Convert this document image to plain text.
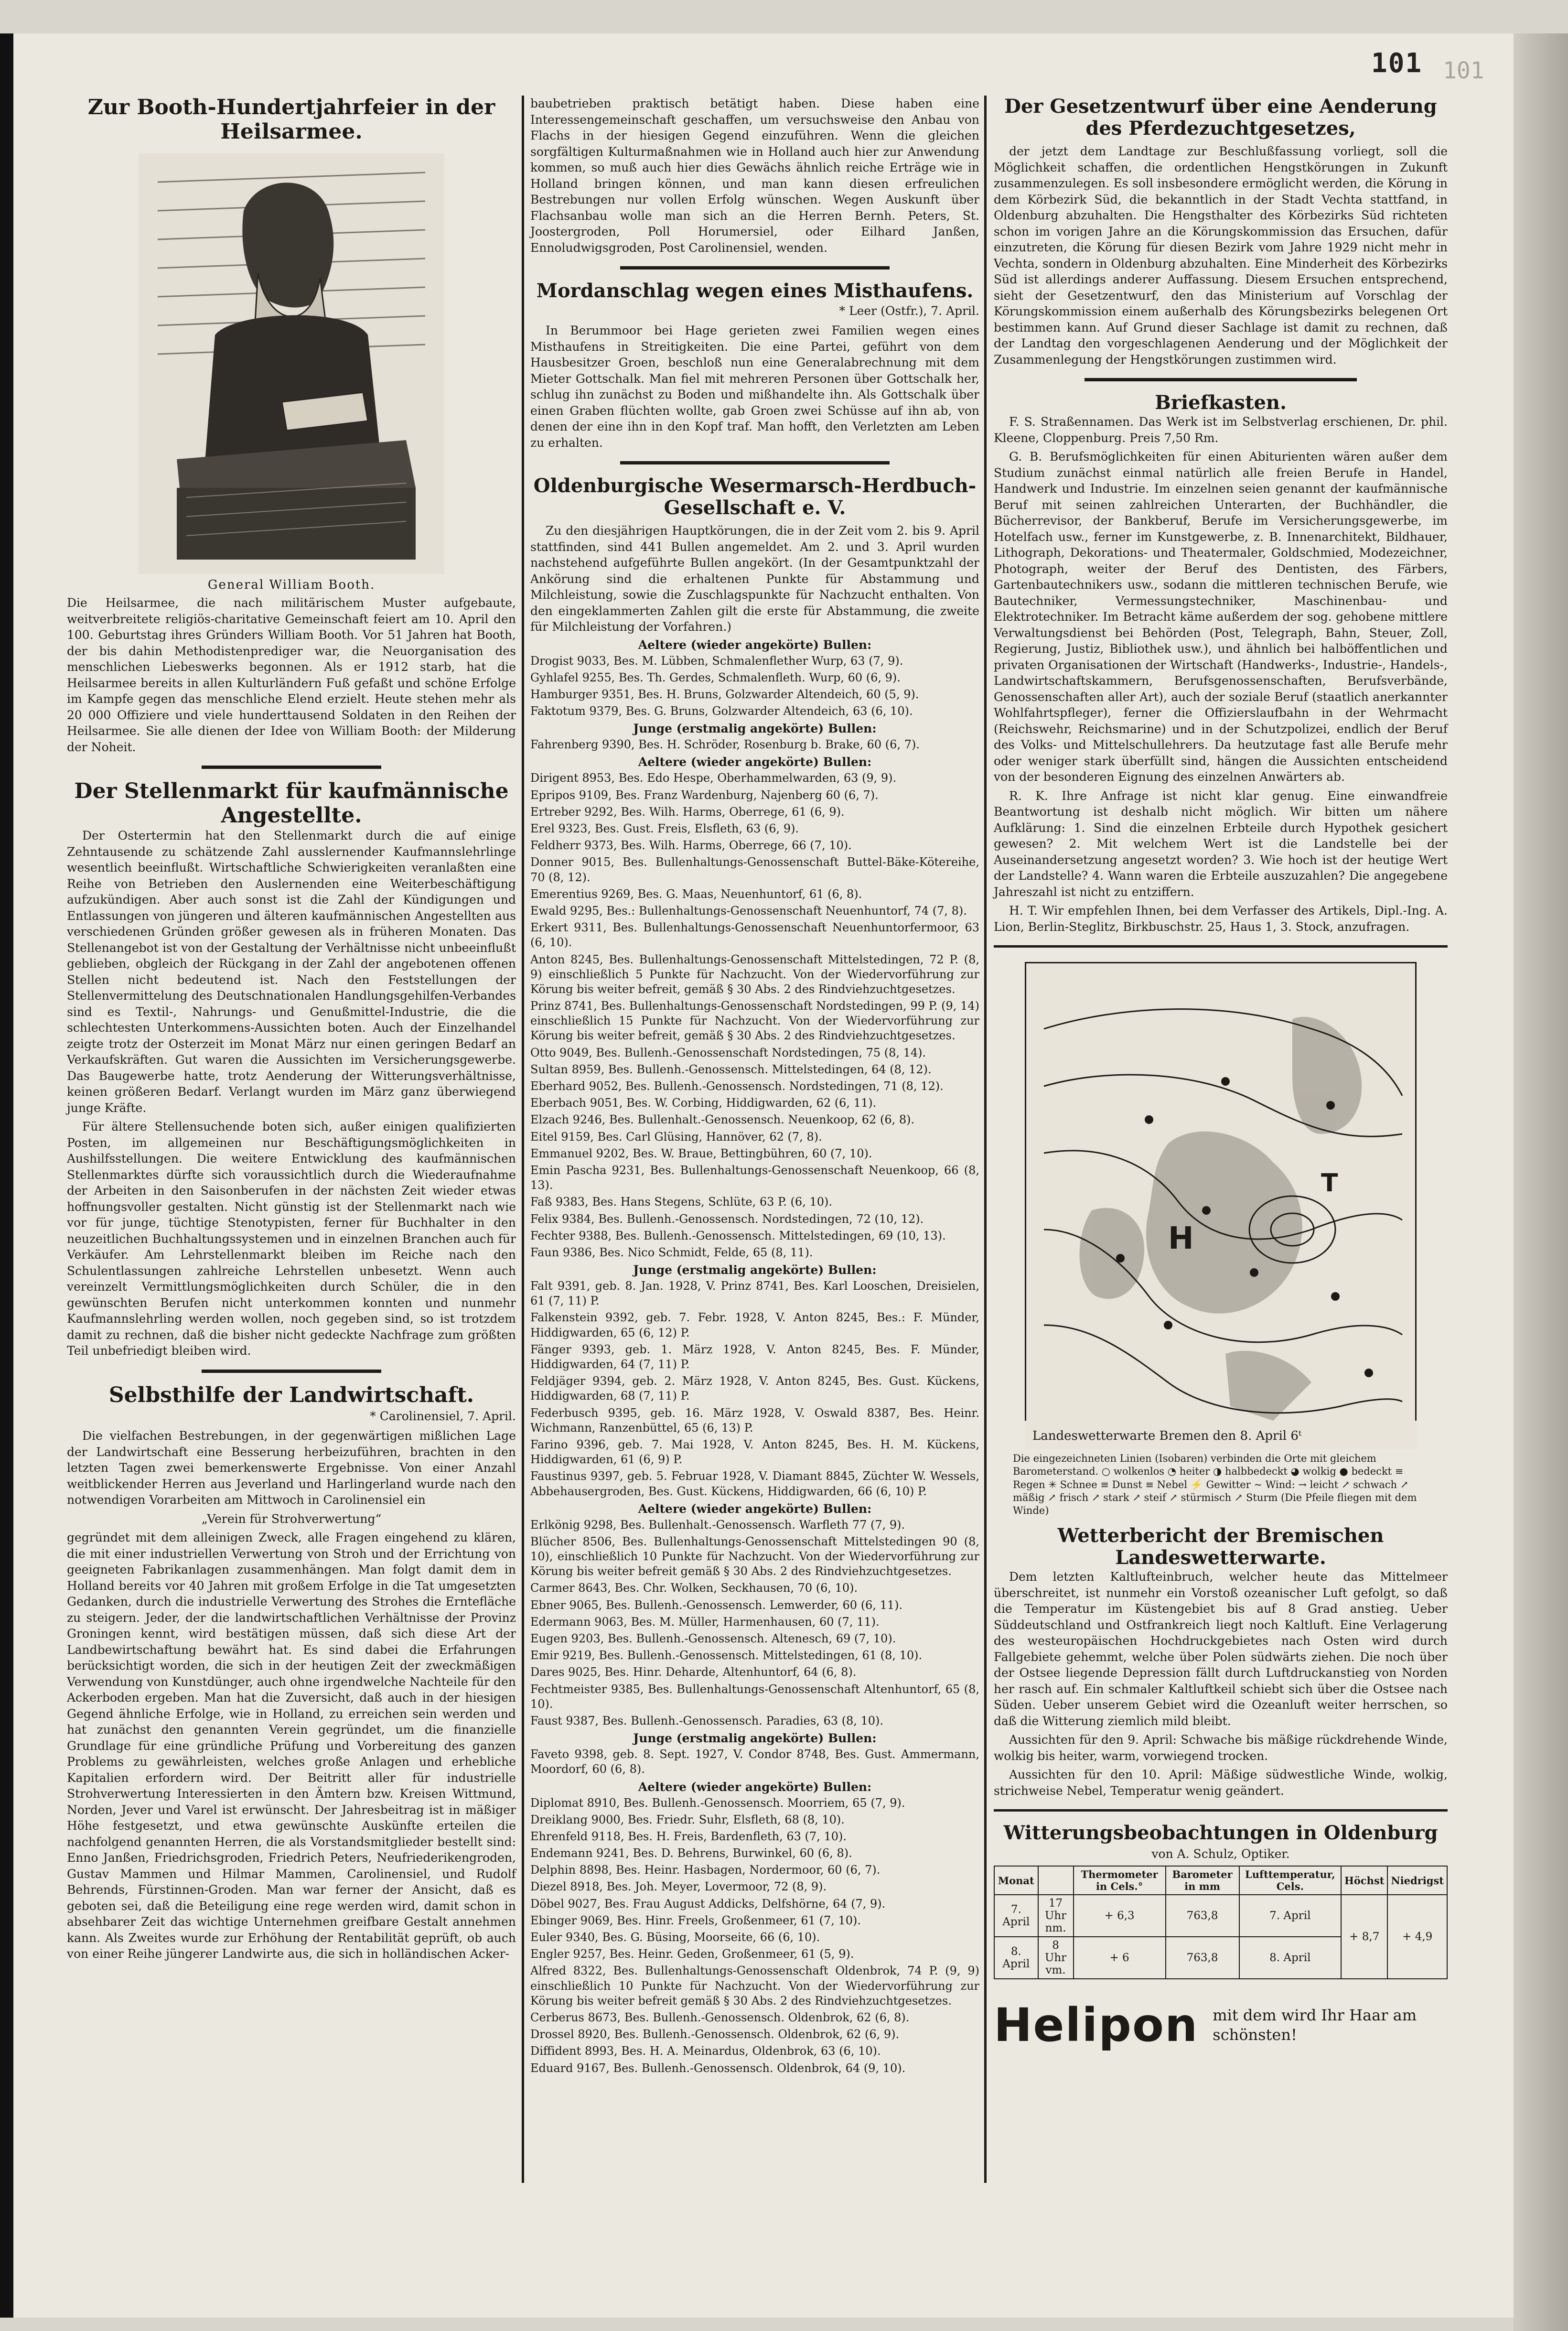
101 101
Zur Booth-Hundertjahrfeier in der Heilsarmee.
General William Booth.

Die Heilsarmee, die nach militärischem Muster aufgebaute, weitverbreitete religiös-charitative Gemeinschaft feiert am 10. April den 100. Geburtstag ihres Gründers William Booth. Vor 51 Jahren hat Booth, der bis dahin Methodistenprediger war, die Neuorganisation des menschlichen Liebeswerks begonnen. Als er 1912 starb, hat die Heilsarmee bereits in allen Kulturländern Fuß gefaßt und schöne Erfolge im Kampfe gegen das menschliche Elend erzielt. Heute stehen mehr als 20 000 Offiziere und viele hunderttausend Soldaten in den Reihen der Heilsarmee. Sie alle dienen der Idee von William Booth: der Milderung der Noheit.

Der Stellenmarkt für kaufmännische Angestellte.

Der Ostertermin hat den Stellenmarkt durch die auf einige Zehntausende zu schätzende Zahl ausslernender Kaufmannslehrlinge wesentlich beeinflußt. Wirtschaftliche Schwierigkeiten veranlaßten eine Reihe von Betrieben den Auslernenden eine Weiterbeschäftigung aufzukündigen. Aber auch sonst ist die Zahl der Kündigungen und Entlassungen von jüngeren und älteren kaufmännischen Angestellten aus verschiedenen Gründen größer gewesen als in früheren Monaten. Das Stellenangebot ist von der Gestaltung der Verhältnisse nicht unbeeinflußt geblieben, obgleich der Rückgang in der Zahl der angebotenen offenen Stellen nicht bedeutend ist. Nach den Feststellungen der Stellenvermittelung des Deutschnationalen Handlungsgehilfen-Verbandes sind es Textil-, Nahrungs- und Genußmittel-Industrie, die die schlechtesten Unterkommens-Aussichten boten. Auch der Einzelhandel zeigte trotz der Osterzeit im Monat März nur einen geringen Bedarf an Verkaufskräften. Gut waren die Aussichten im Versicherungsgewerbe. Das Baugewerbe hatte, trotz Aenderung der Witterungsverhältnisse, keinen größeren Bedarf. Verlangt wurden im März ganz überwiegend junge Kräfte.

Für ältere Stellensuchende boten sich, außer einigen qualifizierten Posten, im allgemeinen nur Beschäftigungsmöglichkeiten in Aushilfsstellungen. Die weitere Entwicklung des kaufmännischen Stellenmarktes dürfte sich voraussichtlich durch die Wiederaufnahme der Arbeiten in den Saisonberufen in der nächsten Zeit wieder etwas hoffnungsvoller gestalten. Nicht günstig ist der Stellenmarkt nach wie vor für junge, tüchtige Stenotypisten, ferner für Buchhalter in den neuzeitlichen Buchhaltungssystemen und in einzelnen Branchen auch für Verkäufer. Am Lehrstellenmarkt bleiben im Reiche nach den Schulentlassungen zahlreiche Lehrstellen unbesetzt. Wenn auch vereinzelt Vermittlungsmöglichkeiten durch Schüler, die in den gewünschten Berufen nicht unterkommen konnten und nunmehr Kaufmannslehrling werden wollen, noch gegeben sind, so ist trotzdem damit zu rechnen, daß die bisher nicht gedeckte Nachfrage zum größten Teil unbefriedigt bleiben wird.

Selbsthilfe der Landwirtschaft.
* Carolinensiel, 7. April.

Die vielfachen Bestrebungen, in der gegenwärtigen mißlichen Lage der Landwirtschaft eine Besserung herbeizuführen, brachten in den letzten Tagen zwei bemerkenswerte Ergebnisse. Von einer Anzahl weitblickender Herren aus Jeverland und Harlingerland wurde nach den notwendigen Vorarbeiten am Mittwoch in Carolinensiel ein

„Verein für Strohverwertung“

gegründet mit dem alleinigen Zweck, alle Fragen eingehend zu klären, die mit einer industriellen Verwertung von Stroh und der Errichtung von geeigneten Fabrikanlagen zusammenhängen. Man folgt damit dem in Holland bereits vor 40 Jahren mit großem Erfolge in die Tat umgesetzten Gedanken, durch die industrielle Verwertung des Strohes die Erntefläche zu steigern. Jeder, der die landwirtschaftlichen Verhältnisse der Provinz Groningen kennt, wird bestätigen müssen, daß sich diese Art der Landbewirtschaftung bewährt hat. Es sind dabei die Erfahrungen berücksichtigt worden, die sich in der heutigen Zeit der zweckmäßigen Verwendung von Kunstdünger, auch ohne irgendwelche Nachteile für den Ackerboden ergeben. Man hat die Zuversicht, daß auch in der hiesigen Gegend ähnliche Erfolge, wie in Holland, zu erreichen sein werden und hat zunächst den genannten Verein gegründet, um die finanzielle Grundlage für eine gründliche Prüfung und Vorbereitung des ganzen Problems zu gewährleisten, welches große Anlagen und erhebliche Kapitalien erfordern wird. Der Beitritt aller für industrielle Strohverwertung Interessierten in den Ämtern bzw. Kreisen Wittmund, Norden, Jever und Varel ist erwünscht. Der Jahresbeitrag ist in mäßiger Höhe festgesetzt, und etwa gewünschte Auskünfte erteilen die nachfolgend genannten Herren, die als Vorstandsmitglieder bestellt sind: Enno Janßen, Friedrichsgroden, Friedrich Peters, Neufriederikengroden, Gustav Mammen und Hilmar Mammen, Carolinensiel, und Rudolf Behrends, Fürstinnen-Groden. Man war ferner der Ansicht, daß es geboten sei, daß die Beteiligung eine rege werden wird, damit schon in absehbarer Zeit das wichtige Unternehmen greifbare Gestalt annehmen kann. Als Zweites wurde zur Erhöhung der Rentabilität geprüft, ob auch von einer Reihe jüngerer Landwirte aus, die sich in holländischen Acker-

baubetrieben praktisch betätigt haben. Diese haben eine Interessengemeinschaft geschaffen, um versuchsweise den Anbau von Flachs in der hiesigen Gegend einzuführen. Wenn die gleichen sorgfältigen Kulturmaßnahmen wie in Holland auch hier zur Anwendung kommen, so muß auch hier dies Gewächs ähnlich reiche Erträge wie in Holland bringen können, und man kann diesen erfreulichen Bestrebungen nur vollen Erfolg wünschen. Wegen Auskunft über Flachsanbau wolle man sich an die Herren Bernh. Peters, St. Joostergroden, Poll Horumersiel, oder Eilhard Janßen, Ennoludwigsgroden, Post Carolinensiel, wenden.

Mordanschlag wegen eines Misthaufens.
* Leer (Ostfr.), 7. April.

In Berummoor bei Hage gerieten zwei Familien wegen eines Misthaufens in Streitigkeiten. Die eine Partei, geführt von dem Hausbesitzer Groen, beschloß nun eine Generalabrechnung mit dem Mieter Gottschalk. Man fiel mit mehreren Personen über Gottschalk her, schlug ihn zunächst zu Boden und mißhandelte ihn. Als Gottschalk über einen Graben flüchten wollte, gab Groen zwei Schüsse auf ihn ab, von denen der eine ihn in den Kopf traf. Man hofft, den Verletzten am Leben zu erhalten.

Oldenburgische Wesermarsch-Herdbuch-Gesellschaft e. V.

Zu den diesjährigen Hauptkörungen, die in der Zeit vom 2. bis 9. April stattfinden, sind 441 Bullen angemeldet. Am 2. und 3. April wurden nachstehend aufgeführte Bullen angekört. (In der Gesamtpunktzahl der Ankörung sind die erhaltenen Punkte für Abstammung und Milchleistung, sowie die Zuschlagspunkte für Nachzucht enthalten. Von den eingeklammerten Zahlen gilt die erste für Abstammung, die zweite für Milchleistung der Vorfahren.)

Aeltere (wieder angekörte) Bullen:

Drogist 9033, Bes. M. Lübben, Schmalenflether Wurp, 63 (7, 9).

Gyhlafel 9255, Bes. Th. Gerdes, Schmalenfleth. Wurp, 60 (6, 9).

Hamburger 9351, Bes. H. Bruns, Golzwarder Altendeich, 60 (5, 9).

Faktotum 9379, Bes. G. Bruns, Golzwarder Altendeich, 63 (6, 10).

Junge (erstmalig angekörte) Bullen:

Fahrenberg 9390, Bes. H. Schröder, Rosenburg b. Brake, 60 (6, 7).

Aeltere (wieder angekörte) Bullen:

Dirigent 8953, Bes. Edo Hespe, Oberhammelwarden, 63 (9, 9).

Epripos 9109, Bes. Franz Wardenburg, Najenberg 60 (6, 7).

Ertreber 9292, Bes. Wilh. Harms, Oberrege, 61 (6, 9).

Erel 9323, Bes. Gust. Freis, Elsfleth, 63 (6, 9).

Feldherr 9373, Bes. Wilh. Harms, Oberrege, 66 (7, 10).

Donner 9015, Bes. Bullenhaltungs-Genossenschaft Buttel-Bäke-Kötereihe, 70 (8, 12).

Emerentius 9269, Bes. G. Maas, Neuenhuntorf, 61 (6, 8).

Ewald 9295, Bes.: Bullenhaltungs-Genossenschaft Neuenhuntorf, 74 (7, 8).

Erkert 9311, Bes. Bullenhaltungs-Genossenschaft Neuenhuntorfermoor, 63 (6, 10).

Anton 8245, Bes. Bullenhaltungs-Genossenschaft Mittelstedingen, 72 P. (8, 9) einschließlich 5 Punkte für Nachzucht. Von der Wiedervorführung zur Körung bis weiter befreit, gemäß § 30 Abs. 2 des Rindviehzuchtgesetzes.

Prinz 8741, Bes. Bullenhaltungs-Genossenschaft Nordstedingen, 99 P. (9, 14) einschließlich 15 Punkte für Nachzucht. Von der Wiedervorführung zur Körung bis weiter befreit, gemäß § 30 Abs. 2 des Rindviehzuchtgesetzes.

Otto 9049, Bes. Bullenh.-Genossenschaft Nordstedingen, 75 (8, 14).

Sultan 8959, Bes. Bullenh.-Genossensch. Mittelstedingen, 64 (8, 12).

Eberhard 9052, Bes. Bullenh.-Genossensch. Nordstedingen, 71 (8, 12).

Eberbach 9051, Bes. W. Corbing, Hiddigwarden, 62 (6, 11).

Elzach 9246, Bes. Bullenhalt.-Genossensch. Neuenkoop, 62 (6, 8).

Eitel 9159, Bes. Carl Glüsing, Hannöver, 62 (7, 8).

Emmanuel 9202, Bes. W. Braue, Bettingbühren, 60 (7, 10).

Emin Pascha 9231, Bes. Bullenhaltungs-Genossenschaft Neuenkoop, 66 (8, 13).

Faß 9383, Bes. Hans Stegens, Schlüte, 63 P. (6, 10).

Felix 9384, Bes. Bullenh.-Genossensch. Nordstedingen, 72 (10, 12).

Fechter 9388, Bes. Bullenh.-Genossensch. Mittelstedingen, 69 (10, 13).

Faun 9386, Bes. Nico Schmidt, Felde, 65 (8, 11).

Junge (erstmalig angekörte) Bullen:

Falt 9391, geb. 8. Jan. 1928, V. Prinz 8741, Bes. Karl Looschen, Dreisielen, 61 (7, 11) P.

Falkenstein 9392, geb. 7. Febr. 1928, V. Anton 8245, Bes.: F. Münder, Hiddigwarden, 65 (6, 12) P.

Fänger 9393, geb. 1. März 1928, V. Anton 8245, Bes. F. Münder, Hiddigwarden, 64 (7, 11) P.

Feldjäger 9394, geb. 2. März 1928, V. Anton 8245, Bes. Gust. Kückens, Hiddigwarden, 68 (7, 11) P.

Federbusch 9395, geb. 16. März 1928, V. Oswald 8387, Bes. Heinr. Wichmann, Ranzenbüttel, 65 (6, 13) P.

Farino 9396, geb. 7. Mai 1928, V. Anton 8245, Bes. H. M. Kückens, Hiddigwarden, 61 (6, 9) P.

Faustinus 9397, geb. 5. Februar 1928, V. Diamant 8845, Züchter W. Wessels, Abbehausergroden, Bes. Gust. Kückens, Hiddigwarden, 66 (6, 10) P.

Aeltere (wieder angekörte) Bullen:

Erlkönig 9298, Bes. Bullenhalt.-Genossensch. Warfleth 77 (7, 9).

Blücher 8506, Bes. Bullenhaltungs-Genossenschaft Mittelstedingen 90 (8, 10), einschließlich 10 Punkte für Nachzucht. Von der Wiedervorführung zur Körung bis weiter befreit gemäß § 30 Abs. 2 des Rindviehzuchtgesetzes.

Carmer 8643, Bes. Chr. Wolken, Seckhausen, 70 (6, 10).

Ebner 9065, Bes. Bullenh.-Genossensch. Lemwerder, 60 (6, 11).

Edermann 9063, Bes. M. Müller, Harmenhausen, 60 (7, 11).

Eugen 9203, Bes. Bullenh.-Genossensch. Altenesch, 69 (7, 10).

Emir 9219, Bes. Bullenh.-Genossensch. Mittelstedingen, 61 (8, 10).

Dares 9025, Bes. Hinr. Deharde, Altenhuntorf, 64 (6, 8).

Fechtmeister 9385, Bes. Bullenhaltungs-Genossenschaft Altenhuntorf, 65 (8, 10).

Faust 9387, Bes. Bullenh.-Genossensch. Paradies, 63 (8, 10).

Junge (erstmalig angekörte) Bullen:

Faveto 9398, geb. 8. Sept. 1927, V. Condor 8748, Bes. Gust. Ammermann, Moordorf, 60 (6, 8).

Aeltere (wieder angekörte) Bullen:

Diplomat 8910, Bes. Bullenh.-Genossensch. Moorriem, 65 (7, 9).

Dreiklang 9000, Bes. Friedr. Suhr, Elsfleth, 68 (8, 10).

Ehrenfeld 9118, Bes. H. Freis, Bardenfleth, 63 (7, 10).

Endemann 9241, Bes. D. Behrens, Burwinkel, 60 (6, 8).

Delphin 8898, Bes. Heinr. Hasbagen, Nordermoor, 60 (6, 7).

Diezel 8918, Bes. Joh. Meyer, Lovermoor, 72 (8, 9).

Döbel 9027, Bes. Frau August Addicks, Delfshörne, 64 (7, 9).

Ebinger 9069, Bes. Hinr. Freels, Großenmeer, 61 (7, 10).

Euler 9340, Bes. G. Büsing, Moorseite, 66 (6, 10).

Engler 9257, Bes. Heinr. Geden, Großenmeer, 61 (5, 9).

Alfred 8322, Bes. Bullenhaltungs-Genossenschaft Oldenbrok, 74 P. (9, 9) einschließlich 10 Punkte für Nachzucht. Von der Wiedervorführung zur Körung bis weiter befreit gemäß § 30 Abs. 2 des Rindviehzuchtgesetzes.

Cerberus 8673, Bes. Bullenh.-Genossensch. Oldenbrok, 62 (6, 8).

Drossel 8920, Bes. Bullenh.-Genossensch. Oldenbrok, 62 (6, 9).

Diffident 8993, Bes. H. A. Meinardus, Oldenbrok, 63 (6, 10).

Eduard 9167, Bes. Bullenh.-Genossensch. Oldenbrok, 64 (9, 10).

Der Gesetzentwurf über eine Aenderung des Pferdezuchtgesetzes,

der jetzt dem Landtage zur Beschlußfassung vorliegt, soll die Möglichkeit schaffen, die ordentlichen Hengstkörungen in Zukunft zusammenzulegen. Es soll insbesondere ermöglicht werden, die Körung in dem Körbezirk Süd, die bekanntlich in der Stadt Vechta stattfand, in Oldenburg abzuhalten. Die Hengsthalter des Körbezirks Süd richteten schon im vorigen Jahre an die Körungskommission das Ersuchen, dafür einzutreten, die Körung für diesen Bezirk vom Jahre 1929 nicht mehr in Vechta, sondern in Oldenburg abzuhalten. Eine Minderheit des Körbezirks Süd ist allerdings anderer Auffassung. Diesem Ersuchen entsprechend, sieht der Gesetzentwurf, den das Ministerium auf Vorschlag der Körungskommission einem außerhalb des Körungsbezirks belegenen Ort bestimmen kann. Auf Grund dieser Sachlage ist damit zu rechnen, daß der Landtag den vorgeschlagenen Aenderung und der Möglichkeit der Zusammenlegung der Hengstkörungen zustimmen wird.

Briefkasten.

F. S. Straßennamen. Das Werk ist im Selbstverlag erschienen, Dr. phil. Kleene, Cloppenburg. Preis 7,50 Rm.

G. B. Berufsmöglichkeiten für einen Abiturienten wären außer dem Studium zunächst einmal natürlich alle freien Berufe in Handel, Handwerk und Industrie. Im einzelnen seien genannt der kaufmännische Beruf mit seinen zahlreichen Unterarten, der Buchhändler, die Bücherrevisor, der Bankberuf, Berufe im Versicherungsgewerbe, im Hotelfach usw., ferner im Kunstgewerbe, z. B. Innenarchitekt, Bildhauer, Lithograph, Dekorations- und Theatermaler, Goldschmied, Modezeichner, Photograph, weiter der Beruf des Dentisten, des Färbers, Gartenbautechnikers usw., sodann die mittleren technischen Berufe, wie Bautechniker, Vermessungstechniker, Maschinenbau- und Elektrotechniker. Im Betracht käme außerdem der sog. gehobene mittlere Verwaltungsdienst bei Behörden (Post, Telegraph, Bahn, Steuer, Zoll, Regierung, Justiz, Bibliothek usw.), und ähnlich bei halböffentlichen und privaten Organisationen der Wirtschaft (Handwerks-, Industrie-, Handels-, Landwirtschaftskammern, Berufsgenossenschaften, Berufsverbände, Genossenschaften aller Art), auch der soziale Beruf (staatlich anerkannter Wohlfahrtspfleger), ferner die Offizierslaufbahn in der Wehrmacht (Reichswehr, Reichsmarine) und in der Schutzpolizei, endlich der Beruf des Volks- und Mittelschullehrers. Da heutzutage fast alle Berufe mehr oder weniger stark überfüllt sind, hängen die Aussichten entscheidend von der besonderen Eignung des einzelnen Anwärters ab.

R. K. Ihre Anfrage ist nicht klar genug. Eine einwandfreie Beantwortung ist deshalb nicht möglich. Wir bitten um nähere Aufklärung: 1. Sind die einzelnen Erbteile durch Hypothek gesichert gewesen? 2. Mit welchem Wert ist die Landstelle bei der Auseinandersetzung angesetzt worden? 3. Wie hoch ist der heutige Wert der Landstelle? 4. Wann waren die Erbteile auszuzahlen? Die angegebene Jahreszahl ist nicht zu entziffern.

H. T. Wir empfehlen Ihnen, bei dem Verfasser des Artikels, Dipl.-Ing. A. Lion, Berlin-Steglitz, Birkbuschstr. 25, Haus 1, 3. Stock, anzufragen.

H
T
Landeswetterwarte Bremen den 8. April 6ᵗ

Die eingezeichneten Linien (Isobaren) verbinden die Orte mit gleichem Barometerstand. ○ wolkenlos ◔ heiter ◑ halbbedeckt ◕ wolkig ● bedeckt ≡ Regen ✳ Schnee ≡ Dunst ≡ Nebel ⚡ Gewitter ~ Wind: → leicht ↗ schwach ↗ mäßig ↗ frisch ↗ stark ↗ steif ↗ stürmisch ↗ Sturm (Die Pfeile fliegen mit dem Winde)

Wetterbericht der Bremischen Landeswetterwarte.

Dem letzten Kaltlufteinbruch, welcher heute das Mittelmeer überschreitet, ist nunmehr ein Vorstoß ozeanischer Luft gefolgt, so daß die Temperatur im Küstengebiet bis auf 8 Grad anstieg. Ueber Süddeutschland und Ostfrankreich liegt noch Kaltluft. Eine Verlagerung des westeuropäischen Hochdruckgebietes nach Osten wird durch Fallgebiete gehemmt, welche über Polen südwärts ziehen. Die noch über der Ostsee liegende Depression fällt durch Luftdruckanstieg von Norden her rasch auf. Ein schmaler Kaltluftkeil schiebt sich über die Ostsee nach Süden. Ueber unserem Gebiet wird die Ozeanluft weiter herrschen, so daß die Witterung ziemlich mild bleibt.

Aussichten für den 9. April: Schwache bis mäßige rückdrehende Winde, wolkig bis heiter, warm, vorwiegend trocken.

Aussichten für den 10. April: Mäßige südwestliche Winde, wolkig, strichweise Nebel, Temperatur wenig geändert.

Witterungsbeobachtungen in Oldenburg
von A. Schulz, Optiker.
Monat		Thermometer in Cels.°	Barometer in mm	Lufttemperatur, Cels.	Höchst	Niedrigst
7. April	17 Uhr nm.	+ 6,3	763,8	7. April	+ 8,7	+ 4,9
8. April	8 Uhr vm.	+ 6	763,8	8. April		
Helipon mit dem wird Ihr Haar am schönsten!
